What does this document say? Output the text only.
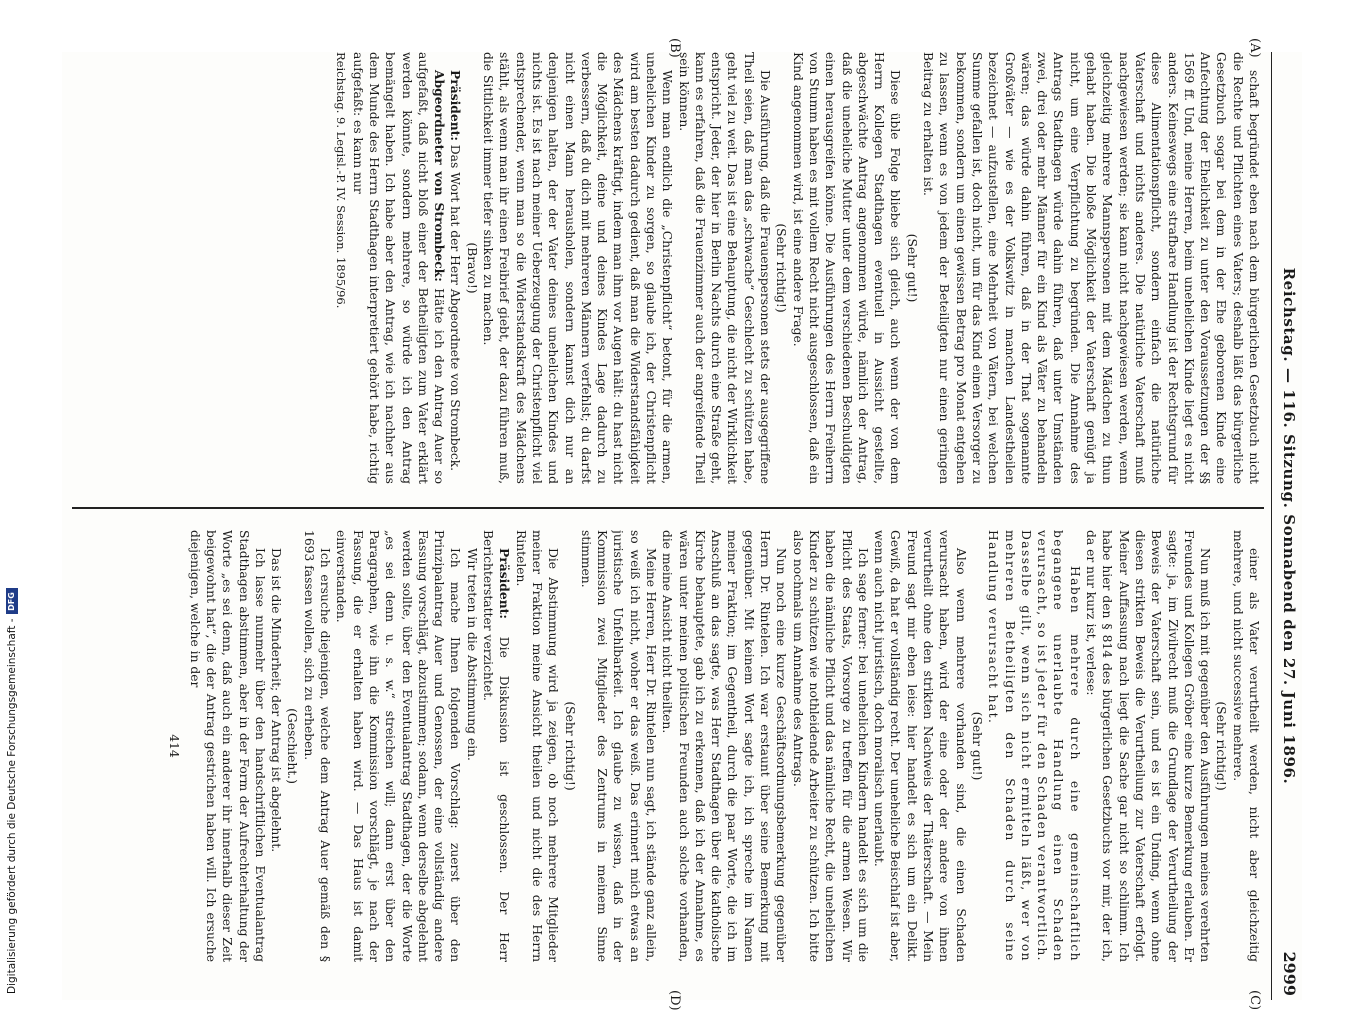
Reichstag. — 116. Sitzung. Sonnabend den 27. Juni 1896.
2999
(A)
(B)
(C)
(D)

schaft begründet eben nach dem bürgerlichen Gesetzbuch nicht die Rechte und Pflichten eines Vaters; deshalb läßt das bürgerliche Gesetzbuch sogar bei dem in der Ehe geborenen Kinde eine Anfechtung der Ehelichkeit zu unter den Voraussetzungen der §§ 1569 ff. Und, meine Herren, beim unehelichen Kinde liegt es nicht anders. Keineswegs eine strafbare Handlung ist der Rechtsgrund für diese Alimentationspflicht, sondern einfach die natürliche Vaterschaft und nichts anderes. Die natürliche Vaterschaft muß nachgewiesen werden; sie kann nicht nachgewiesen werden, wenn gleichzeitig mehrere Mannspersonen mit dem Mädchen zu thun gehabt haben. Die bloße Möglichkeit der Vaterschaft genügt ja nicht, um eine Verpflichtung zu begründen. Die Annahme des Antrags Stadthagen würde dahin führen, daß unter Umständen zwei, drei oder mehr Männer für ein Kind als Väter zu behandeln wären; das würde dahin führen, daß in der That sogenannte Großväter — wie es der Volkswitz in manchen Landestheilen bezeichnet — aufzustellen, eine Mehrheit von Vätern, bei welchen Summe gefallen ist, doch nicht, um für das Kind einen Versorger zu bekommen, sondern um einen gewissen Betrag pro Monat entgehen zu lassen, wenn es von jedem der Beteiligten nur einen geringen Beitrag zu erhalten ist.

(Sehr gut!)

Diese üble Folge bliebe sich gleich, auch wenn der von dem Herrn Kollegen Stadthagen eventuell in Aussicht gestellte, abgeschwächte Antrag angenommen würde, nämlich der Antrag, daß die uneheliche Mutter unter dem verschiedenen Beschuldigten einen herausgreifen könne. Die Ausführungen des Herrn Freiherrn von Stumm haben es mit vollem Recht nicht ausgeschlossen, daß ein Kind angenommen wird, ist eine andere Frage.

(Sehr richtig!)

Die Ausführung, daß die Frauenspersonen stets der ausgegriffene Theil seien, daß man das „schwache“ Geschlecht zu schützen habe, geht viel zu weit. Das ist eine Behauptung, die nicht der Wirklichkeit entspricht. Jeder, der hier in Berlin Nachts durch eine Straße geht, kann es erfahren, daß die Frauenzimmer auch der angreifende Theil sein können.

Wenn man endlich die „Christenpflicht“ betont, für die armen, unehelichen Kinder zu sorgen, so glaube ich, der Christenpflicht wird am besten dadurch gedient, daß man die Widerstandsfähigkeit des Mädchens kräftigt, indem man ihm vor Augen hält: du hast nicht die Möglichkeit, deine und deines Kindes Lage dadurch zu verbessern, daß du dich mit mehreren Männern verfehlst; du darfst nicht einen Mann herausholen, sondern kannst dich nur an denjenigen halten, der der Vater deines unehelichen Kindes und nichts ist. Es ist nach meiner Ueberzeugung der Christenpflicht viel entsprechender, wenn man so die Widerstandskraft des Mädchens stählt, als wenn man ihr einen Freibrief giebt, der dazu führen muß, die Sittlichkeit immer tiefer sinken zu machen.

(Bravo!)

Präsident: Das Wort hat der Herr Abgeordnete von Strombeck.

Abgeordneter von Strombeck: Hätte ich den Antrag Auer so aufgefaßt, daß nicht bloß einer der Betheiligten zum Vater erklärt werden könnte, sondern mehrere, so würde ich den Antrag bemängelt haben. Ich habe aber den Antrag, wie ich nachher aus dem Munde des Herrn Stadthagen interpretiert gehört habe, richtig aufgefaßt: es kann nur

Reichstag. 9. Legisl.-P. IV. Session. 1895/96.

einer als Vater verurtheilt werden, nicht aber gleichzeitig mehrere, und nicht successive mehrere.

(Sehr richtig!)

Nun muß ich mit gegenüber den Ausführungen meines verehrten Freundes und Kollegen Gröber eine kurze Bemerkung erlauben. Er sagte: ja, im Zivilrecht muß die Grundlage der Verurtheilung der Beweis der Vaterschaft sein, und es ist ein Unding, wenn ohne diesen strikten Beweis die Verurtheilung zur Vaterschaft erfolgt. Meiner Auffassung nach liegt die Sache gar nicht so schlimm. Ich habe hier den § 814 des bürgerlichen Gesetzbuchs vor mir, der ich, da er nur kurz ist, verlese:

Haben mehrere durch eine gemeinschaftlich begangene unerlaubte Handlung einen Schaden verursacht, so ist jeder für den Schaden verantwortlich. Dasselbe gilt, wenn sich nicht ermitteln läßt, wer von mehreren Betheiligten den Schaden durch seine Handlung verursacht hat.

(Sehr gut!)

Also wenn mehrere vorhanden sind, die einen Schaden verursacht haben, wird der eine oder der andere von ihnen verurtheilt ohne den strikten Nachweis der Thäterschaft. — Mein Freund sagt mir eben leise: hier handelt es sich um ein Delikt. Gewiß, da hat er vollständig recht. Der uneheliche Beischlaf ist aber, wenn auch nicht juristisch, doch moralisch unerlaubt.

Ich sage ferner: bei unehelichen Kindern handelt es sich um die Pflicht des Staats, Vorsorge zu treffen für die armen Wesen. Wir haben die nämliche Pflicht und das nämliche Recht, die unehelichen Kinder zu schützen wie nothleidende Arbeiter zu schützen. Ich bitte also nochmals um Annahme des Antrags.

Nun noch eine kurze Geschäftsordnungsbemerkung gegenüber Herrn Dr. Rintelen. Ich war erstaunt über seine Bemerkung mit gegenüber. Mit keinem Wort sagte ich, ich spreche im Namen meiner Fraktion; im Gegentheil, durch die paar Worte, die ich im Anschluß an das sagte, was Herr Stadthagen über die katholische Kirche behauptete, gab ich zu erkennen, daß ich der Annahme, es wären unter meinen politischen Freunden auch solche vorhanden, die meine Ansicht nicht theilten.

Meine Herren, Herr Dr. Rintelen nun sagt, ich stände ganz allein, so weiß ich nicht, woher er das weiß. Das erinnert mich etwas an juristische Unfehlbarkeit. Ich glaube zu wissen, daß in der Kommission zwei Mitglieder des Zentrums in meinem Sinne stimmen.

(Sehr richtig!)

Die Abstimmung wird ja zeigen, ob noch mehrere Mitglieder meiner Fraktion meine Ansicht theilen und nicht die des Herrn Rintelen.

Präsident: Die Diskussion ist geschlossen. Der Herr Berichterstatter verzichtet.

Wir treten in die Abstimmung ein.

Ich mache Ihnen folgenden Vorschlag: zuerst über den Prinzipalantrag Auer und Genossen, der eine vollständig andere Fassung vorschlägt, abzustimmen; sodann, wenn derselbe abgelehnt werden sollte, über den Eventualantrag Stadthagen, der die Worte „es sei denn u. s. w.“ streichen will; dann erst über den Paragraphen, wie ihn die Kommission vorschlägt, je nach der Fassung, die er erhalten haben wird. — Das Haus ist damit einverstanden.

Ich ersuche diejenigen, welche dem Antrag Auer gemäß den § 1693 fassen wollen, sich zu erheben.

(Geschieht.)

Das ist die Minderheit; der Antrag ist abgelehnt.

Ich lasse nunmehr über den handschriftlichen Eventualantrag Stadthagen abstimmen, aber in der Form der Aufrechterhaltung der Worte „es sei denn, daß auch ein anderer ihr innerhalb dieser Zeit beigewohnt hat“, die der Antrag gestrichen haben will. Ich ersuche diejenigen, welche in der

414

Digitalisierung gefördert durch die Deutsche Forschungsgemeinschaft -
DFG
